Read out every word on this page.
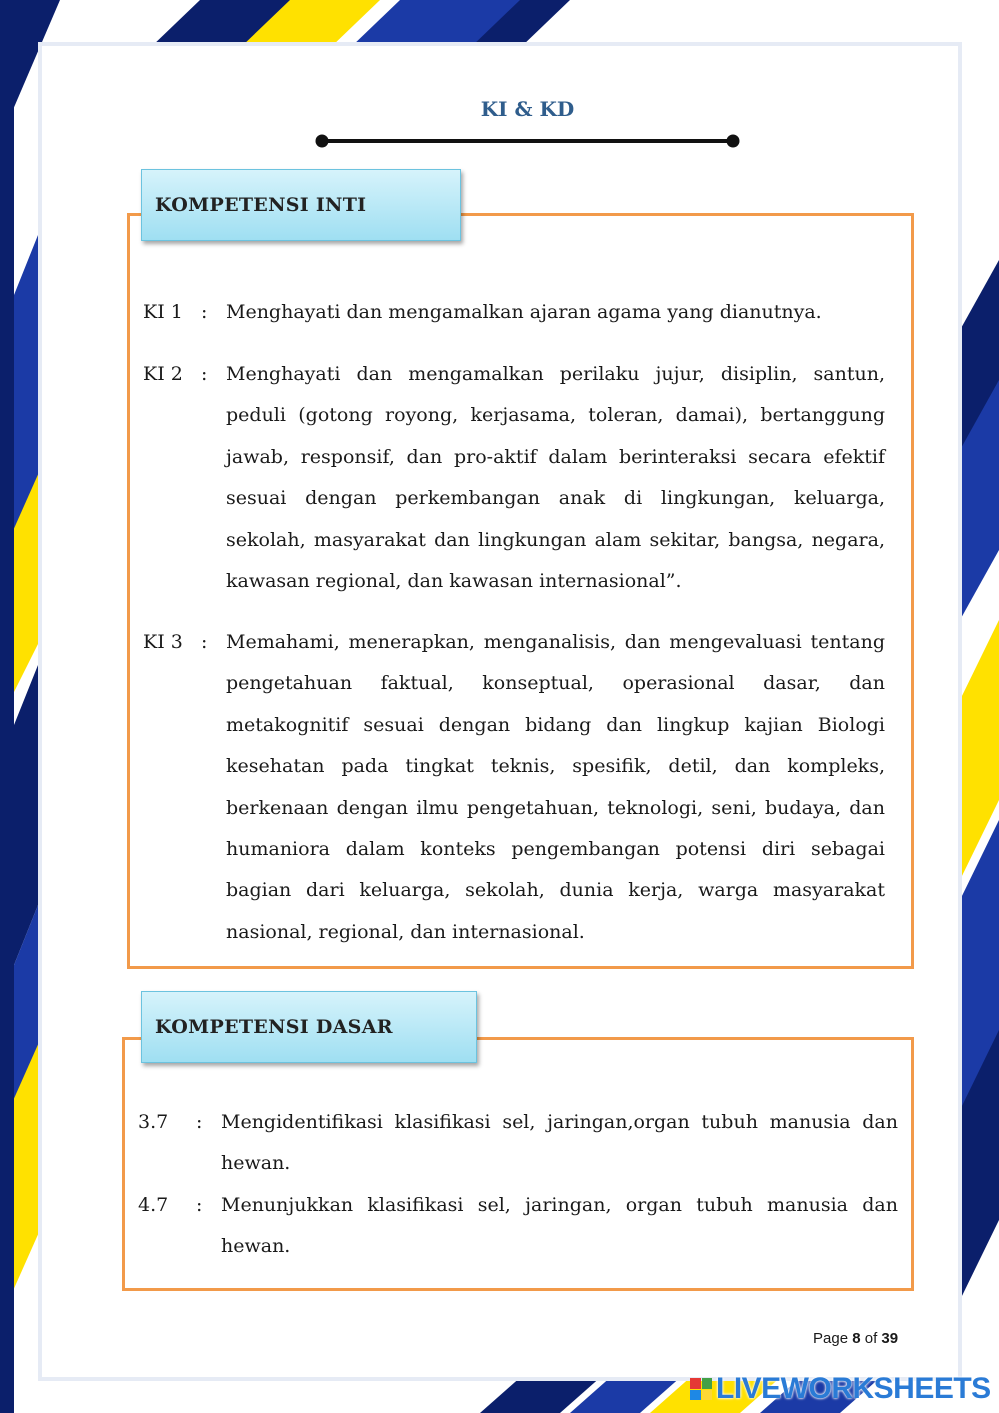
KI & KD
KOMPETENSI INTI
KI 1 : Menghayati dan mengamalkan ajaran agama yang dianutnya.
KI 2 : Menghayati dan mengamalkan perilaku jujur, disiplin, santun, peduli (gotong royong, kerjasama, toleran, damai), bertanggung jawab, responsif, dan pro-aktif dalam berinteraksi secara efektif sesuai dengan perkembangan anak di lingkungan, keluarga, sekolah, masyarakat dan lingkungan alam sekitar, bangsa, negara, kawasan regional, dan kawasan internasional”.
KI 3 : Memahami, menerapkan, menganalisis, dan mengevaluasi tentang pengetahuan faktual, konseptual, operasional dasar, dan metakognitif sesuai dengan bidang dan lingkup kajian Biologi kesehatan pada tingkat teknis, spesifik, detil, dan kompleks, berkenaan dengan ilmu pengetahuan, teknologi, seni, budaya, dan humaniora dalam konteks pengembangan potensi diri sebagai bagian dari keluarga, sekolah, dunia kerja, warga masyarakat nasional, regional, dan internasional.
KOMPETENSI DASAR
3.7 : Mengidentifikasi klasifikasi sel, jaringan,organ tubuh manusia dan hewan.
4.7 : Menunjukkan klasifikasi sel, jaringan, organ tubuh manusia dan hewan.
Page 8 of 39
LIVEWORKSHEETS
